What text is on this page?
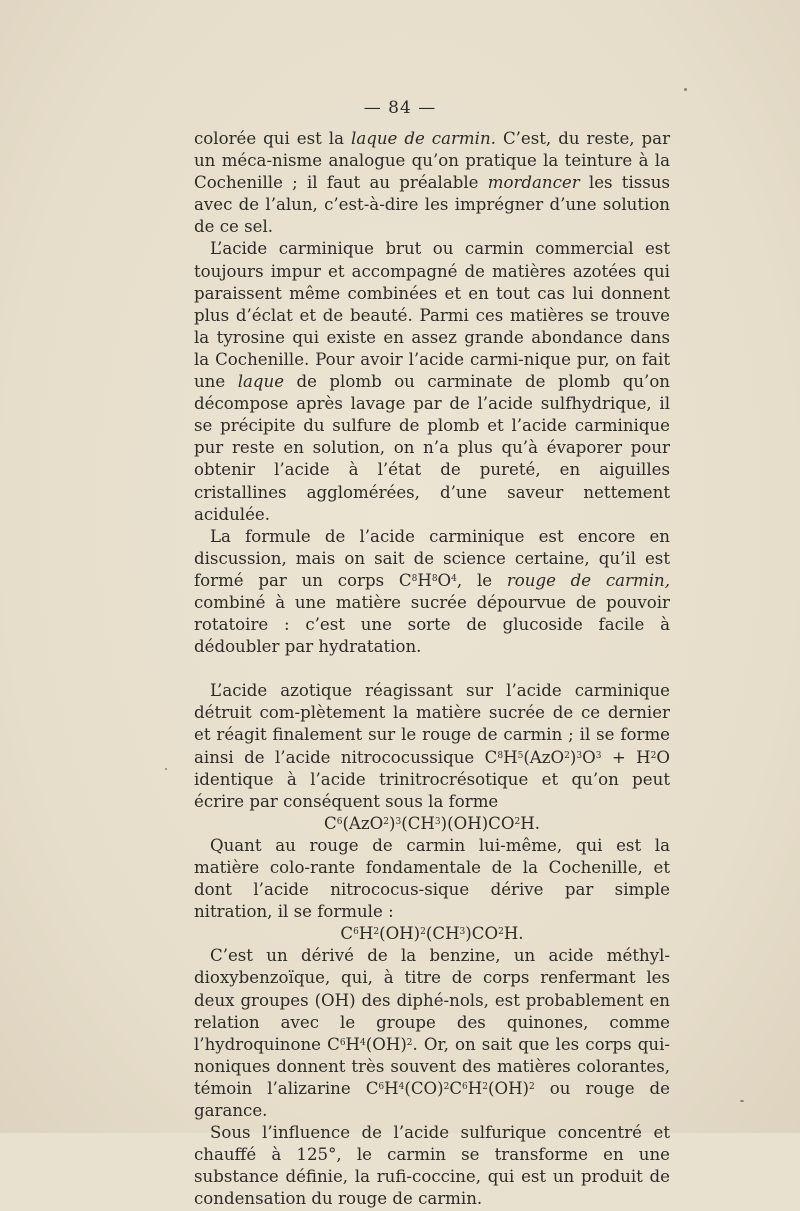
— 84 —

colorée qui est la laque de carmin. C’est, du reste, par un méca-nisme analogue qu’on pratique la teinture à la Cochenille ; il faut au préalable mordancer les tissus avec de l’alun, c’est-à-dire les imprégner d’une solution de ce sel.

L’acide carminique brut ou carmin commercial est toujours impur et accompagné de matières azotées qui paraissent même combinées et en tout cas lui donnent plus d’éclat et de beauté. Parmi ces matières se trouve la tyrosine qui existe en assez grande abondance dans la Cochenille. Pour avoir l’acide carmi-nique pur, on fait une laque de plomb ou carminate de plomb qu’on décompose après lavage par de l’acide sulfhydrique, il se précipite du sulfure de plomb et l’acide carminique pur reste en solution, on n’a plus qu’à évaporer pour obtenir l’acide à l’état de pureté, en aiguilles cristallines agglomérées, d’une saveur nettement acidulée.

La formule de l’acide carminique est encore en discussion, mais on sait de science certaine, qu’il est formé par un corps $C^8H^8O^4$, le rouge de carmin, combiné à une matière sucrée dépourvue de pouvoir rotatoire : c’est une sorte de glucoside facile à dédoubler par hydratation.

L’acide azotique réagissant sur l’acide carminique détruit com-plètement la matière sucrée de ce dernier et réagit finalement sur le rouge de carmin ; il se forme ainsi de l’acide nitrococussique $C^8H^5(AzO^2)^3O^3 + H^2O$ identique à l’acide trinitrocrésotique et qu’on peut écrire par conséquent sous la forme

$C^6(AzO^2)^3(CH^3)(OH)CO^2H$.

Quant au rouge de carmin lui-même, qui est la matière colo-rante fondamentale de la Cochenille, et dont l’acide nitrococus-sique dérive par simple nitration, il se formule :

$C^6H^2(OH)^2(CH^3)CO^2H$.

C’est un dérivé de la benzine, un acide méthyl-dioxybenzoïque, qui, à titre de corps renfermant les deux groupes (OH) des diphé-nols, est probablement en relation avec le groupe des quinones, comme l’hydroquinone $C^6H^4(OH)^2$. Or, on sait que les corps qui-noniques donnent très souvent des matières colorantes, témoin l’alizarine $C^6H^4(CO)^2C^6H^2(OH)^2$ ou rouge de garance.

Sous l’influence de l’acide sulfurique concentré et chauffé à 125°, le carmin se transforme en une substance définie, la rufi-coccine, qui est un produit de condensation du rouge de carmin.
